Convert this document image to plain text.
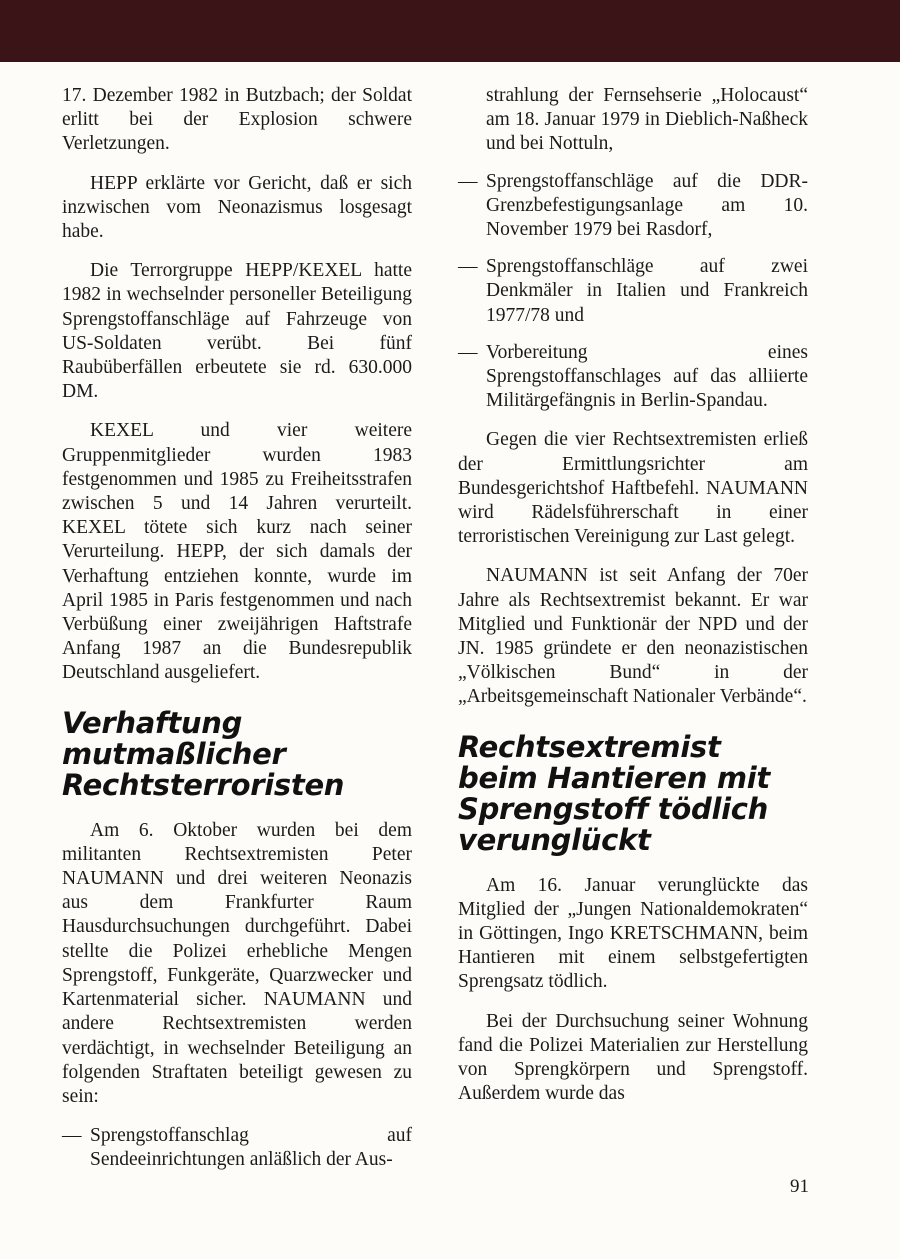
17. Dezember 1982 in Butzbach; der Soldat erlitt bei der Explosion schwere Verletzungen.

HEPP erklärte vor Gericht, daß er sich inzwischen vom Neonazismus losgesagt habe.

Die Terrorgruppe HEPP/KEXEL hatte 1982 in wechselnder personeller Beteiligung Sprengstoffanschläge auf Fahrzeuge von US-Soldaten verübt. Bei fünf Raubüberfällen erbeutete sie rd. 630.000 DM.

KEXEL und vier weitere Gruppenmitglieder wurden 1983 festgenommen und 1985 zu Freiheitsstrafen zwischen 5 und 14 Jahren verurteilt. KEXEL tötete sich kurz nach seiner Verurteilung. HEPP, der sich damals der Verhaftung entziehen konnte, wurde im April 1985 in Paris festgenommen und nach Verbüßung einer zweijährigen Haftstrafe Anfang 1987 an die Bundesrepublik Deutschland ausgeliefert.

Verhaftung mutmaßlicher Rechtsterroristen

Am 6. Oktober wurden bei dem militanten Rechtsextremisten Peter NAUMANN und drei weiteren Neonazis aus dem Frankfurter Raum Hausdurchsuchungen durchgeführt. Dabei stellte die Polizei erhebliche Mengen Sprengstoff, Funkgeräte, Quarzwecker und Kartenmaterial sicher. NAUMANN und andere Rechtsextremisten werden verdächtigt, in wechselnder Beteiligung an folgenden Straftaten beteiligt gewesen zu sein:

— Sprengstoffanschlag auf Sendeeinrichtungen anläßlich der Aus-
strahlung der Fernsehserie „Holocaust“ am 18. Januar 1979 in Dieblich-Naßheck und bei Nottuln,
— Sprengstoffanschläge auf die DDR-Grenzbefestigungsanlage am 10. November 1979 bei Rasdorf,
— Sprengstoffanschläge auf zwei Denkmäler in Italien und Frankreich 1977/78 und
— Vorbereitung eines Sprengstoffanschlages auf das alliierte Militärgefängnis in Berlin-Spandau.

Gegen die vier Rechtsextremisten erließ der Ermittlungsrichter am Bundesgerichtshof Haftbefehl. NAUMANN wird Rädelsführerschaft in einer terroristischen Vereinigung zur Last gelegt.

NAUMANN ist seit Anfang der 70er Jahre als Rechtsextremist bekannt. Er war Mitglied und Funktionär der NPD und der JN. 1985 gründete er den neonazistischen „Völkischen Bund“ in der „Arbeitsgemeinschaft Nationaler Verbände“.

Rechtsextremist beim Hantieren mit Sprengstoff tödlich verunglückt

Am 16. Januar verunglückte das Mitglied der „Jungen Nationaldemokraten“ in Göttingen, Ingo KRETSCHMANN, beim Hantieren mit einem selbstgefertigten Sprengsatz tödlich.

Bei der Durchsuchung seiner Wohnung fand die Polizei Materialien zur Herstellung von Sprengkörpern und Sprengstoff. Außerdem wurde das

91
